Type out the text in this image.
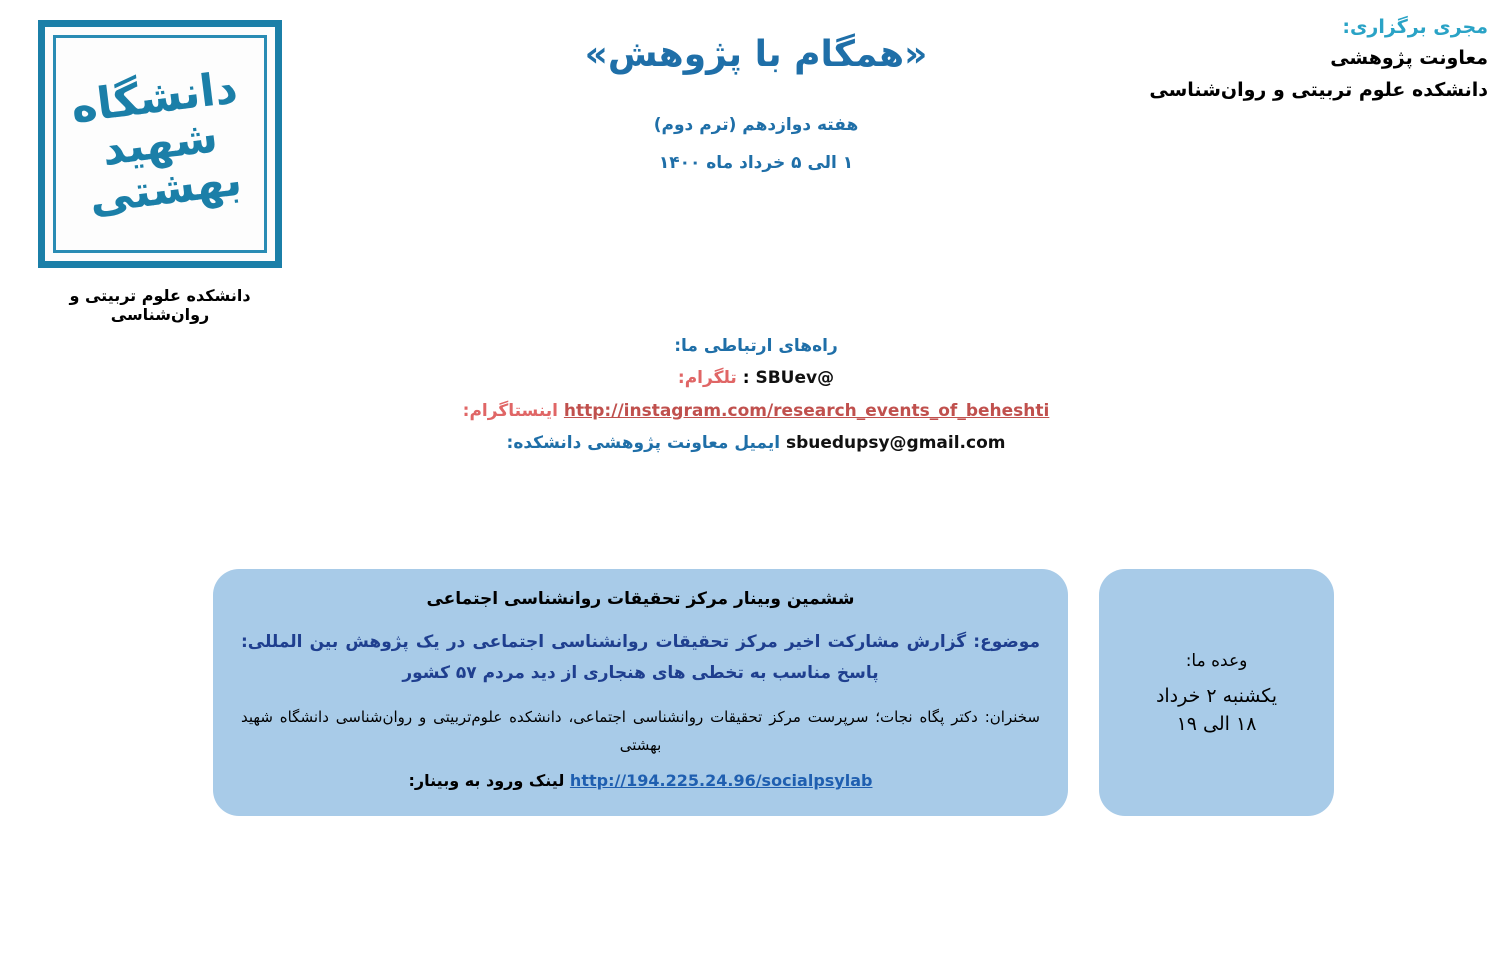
مجری برگزاری:
معاونت پژوهشی
دانشکده علوم تربیتی و روان‌شناسی
دانشگاه شهید بهشتی
دانشکده علوم تربیتی و روان‌شناسی
«همگام با پژوهش»
هفته دوازدهم (ترم دوم)
۱ الی ۵ خرداد ماه ۱۴۰۰
راه‌های ارتباطی ما:
@SBUev : تلگرام:
http://instagram.com/research_events_of_beheshti اینستاگرام:
sbuedupsy@gmail.com ایمیل معاونت پژوهشی دانشکده:
ششمین وبینار مرکز تحقیقات روانشناسی اجتماعی
موضوع: گزارش مشارکت اخیر مرکز تحقیقات روانشناسی اجتماعی در یک پژوهش بین المللی: پاسخ مناسب به تخطی های هنجاری از دید مردم ۵۷ کشور
سخنران: دکتر پگاه نجات؛ سرپرست مرکز تحقیقات روانشناسی اجتماعی، دانشکده علوم‌تربیتی و روان‌شناسی دانشگاه شهید بهشتی
http://194.225.24.96/socialpsylab لینک ورود به وبینار:
وعده ما:
یکشنبه ۲ خرداد
۱۸ الی ۱۹
